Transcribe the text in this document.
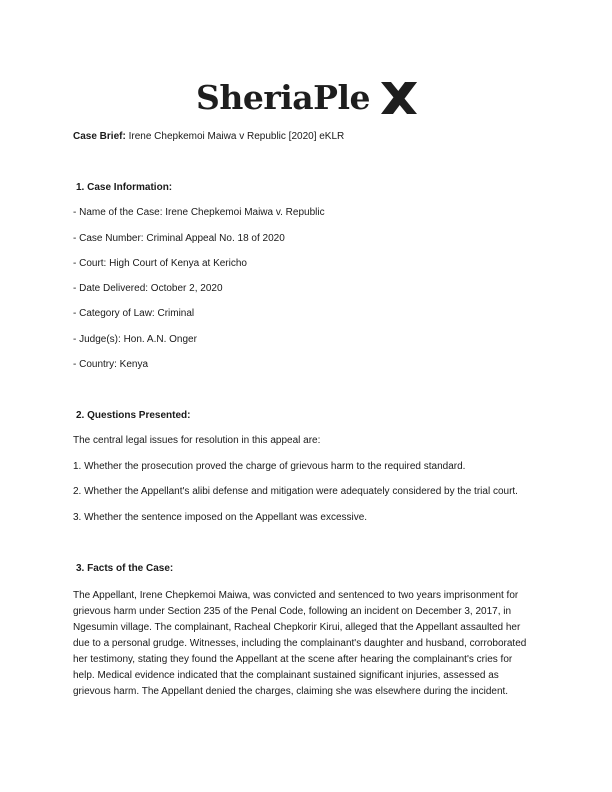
SheriaPle
Case Brief: Irene Chepkemoi Maiwa v Republic [2020] eKLR
1. Case Information:
- Name of the Case: Irene Chepkemoi Maiwa v. Republic
- Case Number: Criminal Appeal No. 18 of 2020
- Court: High Court of Kenya at Kericho
- Date Delivered: October 2, 2020
- Category of Law: Criminal
- Judge(s): Hon. A.N. Onger
- Country: Kenya
2. Questions Presented:
The central legal issues for resolution in this appeal are:
1. Whether the prosecution proved the charge of grievous harm to the required standard.
2. Whether the Appellant's alibi defense and mitigation were adequately considered by the trial court.
3. Whether the sentence imposed on the Appellant was excessive.
3. Facts of the Case:
The Appellant, Irene Chepkemoi Maiwa, was convicted and sentenced to two years imprisonment for
grievous harm under Section 235 of the Penal Code, following an incident on December 3, 2017, in
Ngesumin village. The complainant, Racheal Chepkorir Kirui, alleged that the Appellant assaulted her
due to a personal grudge. Witnesses, including the complainant's daughter and husband, corroborated
her testimony, stating they found the Appellant at the scene after hearing the complainant's cries for
help. Medical evidence indicated that the complainant sustained significant injuries, assessed as
grievous harm. The Appellant denied the charges, claiming she was elsewhere during the incident.
